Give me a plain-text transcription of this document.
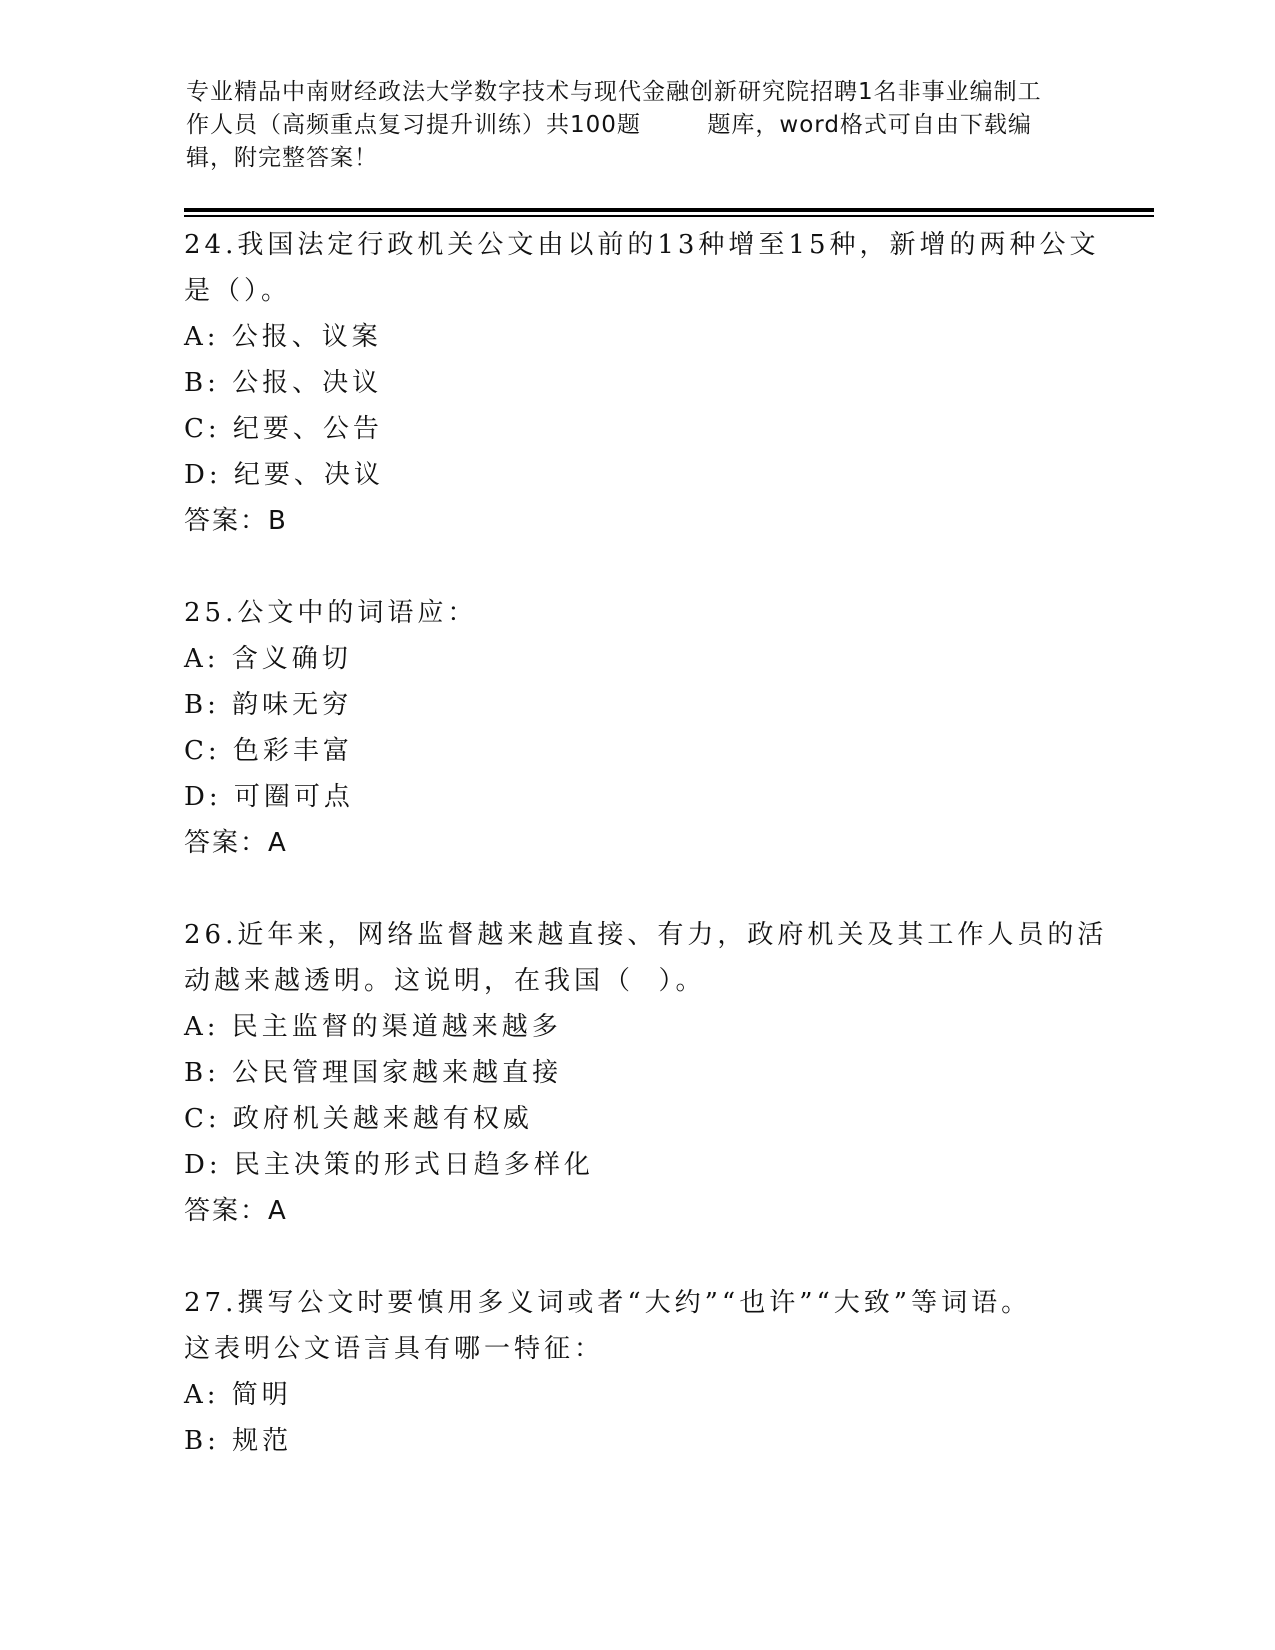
专业精品中南财经政法大学数字技术与现代金融创新研究院招聘1名非事业编制工
作人员（高频重点复习提升训练）共100题        题库，word格式可自由下载编
辑，附完整答案！
24.我国法定行政机关公文由以前的13种增至15种，新增的两种公文
是（）。
A: 公报、议案
B: 公报、决议
C: 纪要、公告
D: 纪要、决议
答案：B
25.公文中的词语应：
A: 含义确切
B: 韵味无穷
C: 色彩丰富
D: 可圈可点
答案：A
26.近年来，网络监督越来越直接、有力，政府机关及其工作人员的活
动越来越透明。这说明，在我国（  ）。
A: 民主监督的渠道越来越多
B: 公民管理国家越来越直接
C: 政府机关越来越有权威
D: 民主决策的形式日趋多样化
答案：A
27.撰写公文时要慎用多义词或者“大约”“也许”“大致”等词语。
这表明公文语言具有哪一特征：
A: 简明
B: 规范
